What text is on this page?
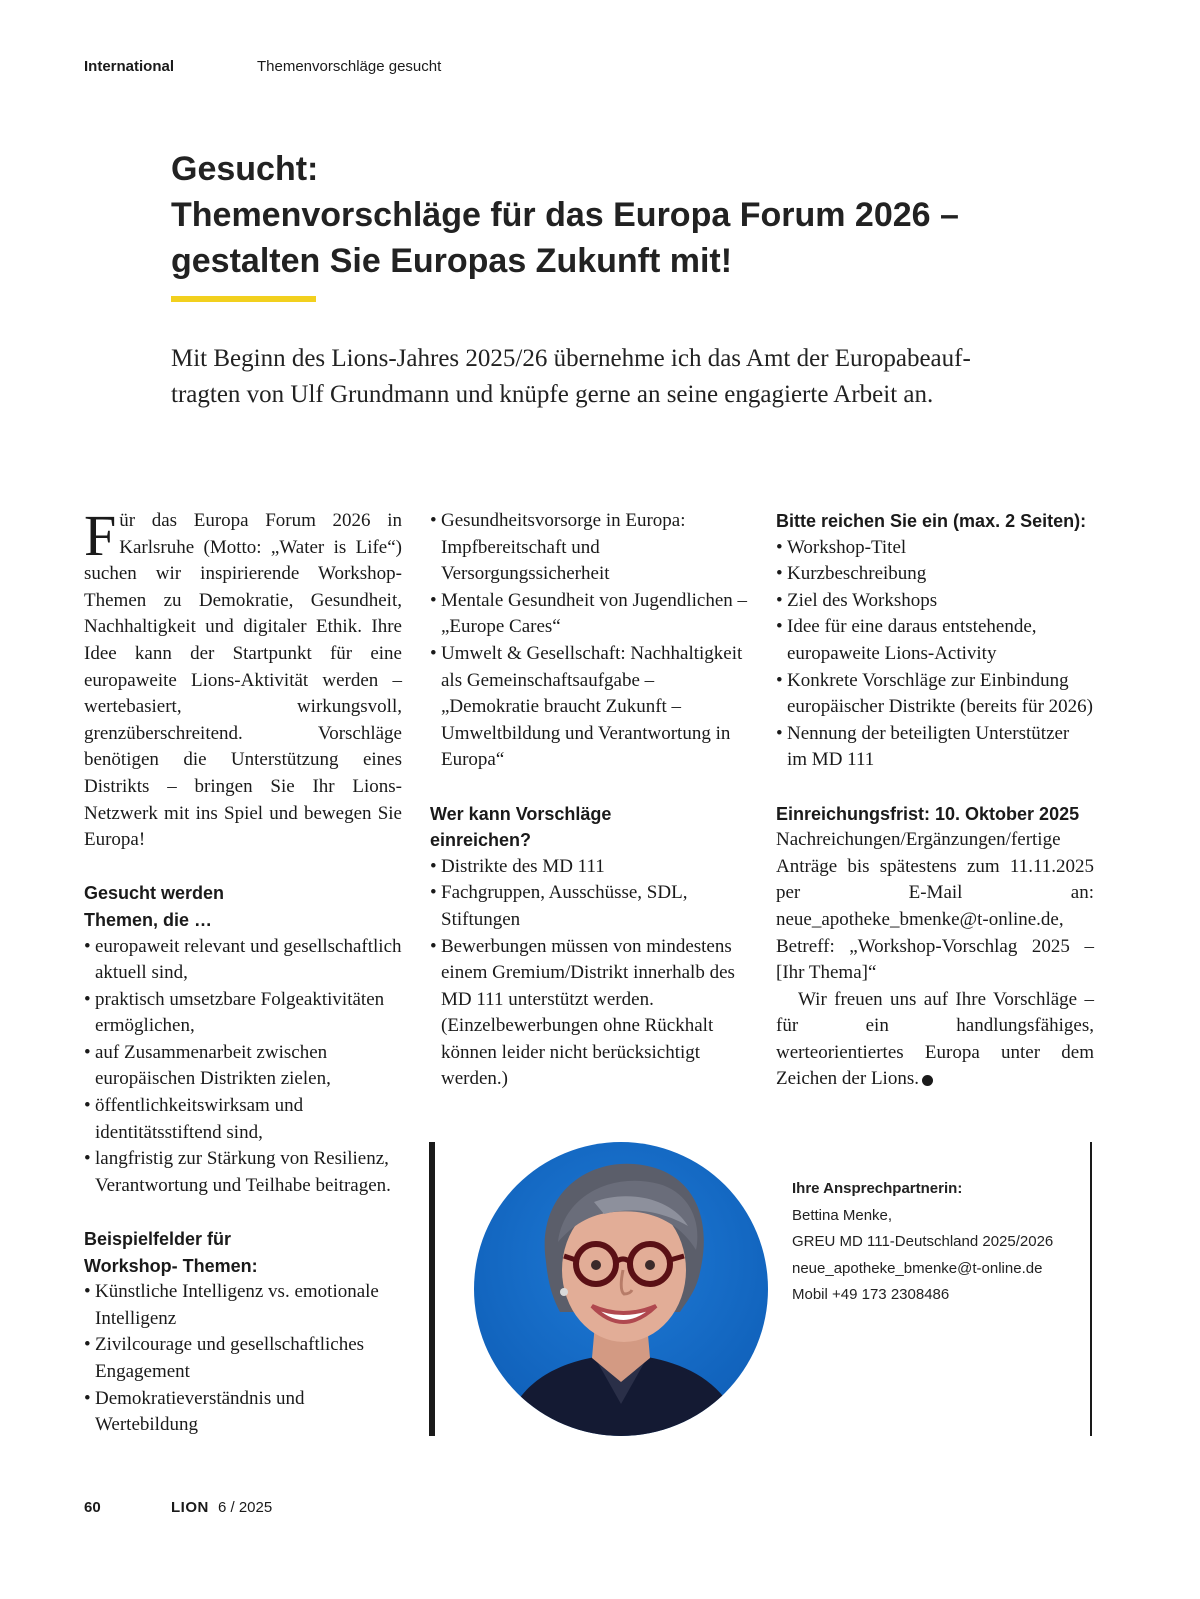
International	Themenvorschläge gesucht
Gesucht:
Themenvorschläge für das Europa Forum 2026 –
gestalten Sie Europas Zukunft mit!

Mit Beginn des Lions-Jahres 2025/26 übernehme ich das Amt der Europabeauf-
tragten von Ulf Grundmann und knüpfe gerne an seine engagierte Arbeit an.

Für das Europa Forum 2026 in Karlsruhe (Motto: „Water is Life“) suchen wir inspirierende Workshop-Themen zu Demokratie, Gesundheit, Nachhaltigkeit und digitaler Ethik. Ihre Idee kann der Startpunkt für eine europaweite Lions-Aktivität werden – wertebasiert, wirkungsvoll, grenzüberschreitend. Vorschläge benötigen die Unterstützung eines Distrikts – bringen Sie Ihr Lions-Netzwerk mit ins Spiel und bewegen Sie Europa!

Gesucht werden
Themen, die …

• europaweit relevant und gesellschaftlich aktuell sind,
• praktisch umsetzbare Folgeaktivitäten ermöglichen,
• auf Zusammenarbeit zwischen europäischen Distrikten zielen,
• öffentlichkeitswirksam und identitätsstiftend sind,
• langfristig zur Stärkung von Resilienz, Verantwortung und Teilhabe beitragen.

Beispielfelder für
Workshop- Themen:

• Künstliche Intelligenz vs. emotionale Intelligenz
• Zivilcourage und gesellschaftliches Engagement
• Demokratieverständnis und Wertebildung
• Gesundheitsvorsorge in Europa: Impfbereitschaft und Versorgungssicherheit
• Mentale Gesundheit von Jugendlichen – „Europe Cares“
• Umwelt & Gesellschaft: Nachhaltigkeit als Gemeinschaftsaufgabe – „Demokratie braucht Zukunft – Umweltbildung und Verantwortung in Europa“

Wer kann Vorschläge
einreichen?

• Distrikte des MD 111
• Fachgruppen, Ausschüsse, SDL, Stiftungen
• Bewerbungen müssen von mindestens einem Gremium/Distrikt innerhalb des MD 111 unterstützt werden. (Einzelbewerbungen ohne Rückhalt können leider nicht berücksichtigt werden.)

Bitte reichen Sie ein (max. 2 Seiten):

• Workshop-Titel
• Kurzbeschreibung
• Ziel des Workshops
• Idee für eine daraus entstehende, europaweite Lions-Activity
• Konkrete Vorschläge zur Einbindung europäischer Distrikte (bereits für 2026)
• Nennung der beteiligten Unterstützer im MD 111

Einreichungsfrist: 10. Oktober 2025

Nachreichungen/Ergänzungen/fertige Anträge bis spätestens zum 11.11.2025 per E-Mail an: neue_apotheke_bmenke@t-online.de, Betreff: „Workshop-Vorschlag 2025 – [Ihr Thema]“

Wir freuen uns auf Ihre Vorschläge – für ein handlungsfähiges, werteorientiertes Europa unter dem Zeichen der Lions.	L

Ihre Ansprechpartnerin:
Bettina Menke,
GREU MD 111-Deutschland 2025/2026
neue_apotheke_bmenke@t-online.de
Mobil +49 173 2308486
60	LION 6 / 2025
